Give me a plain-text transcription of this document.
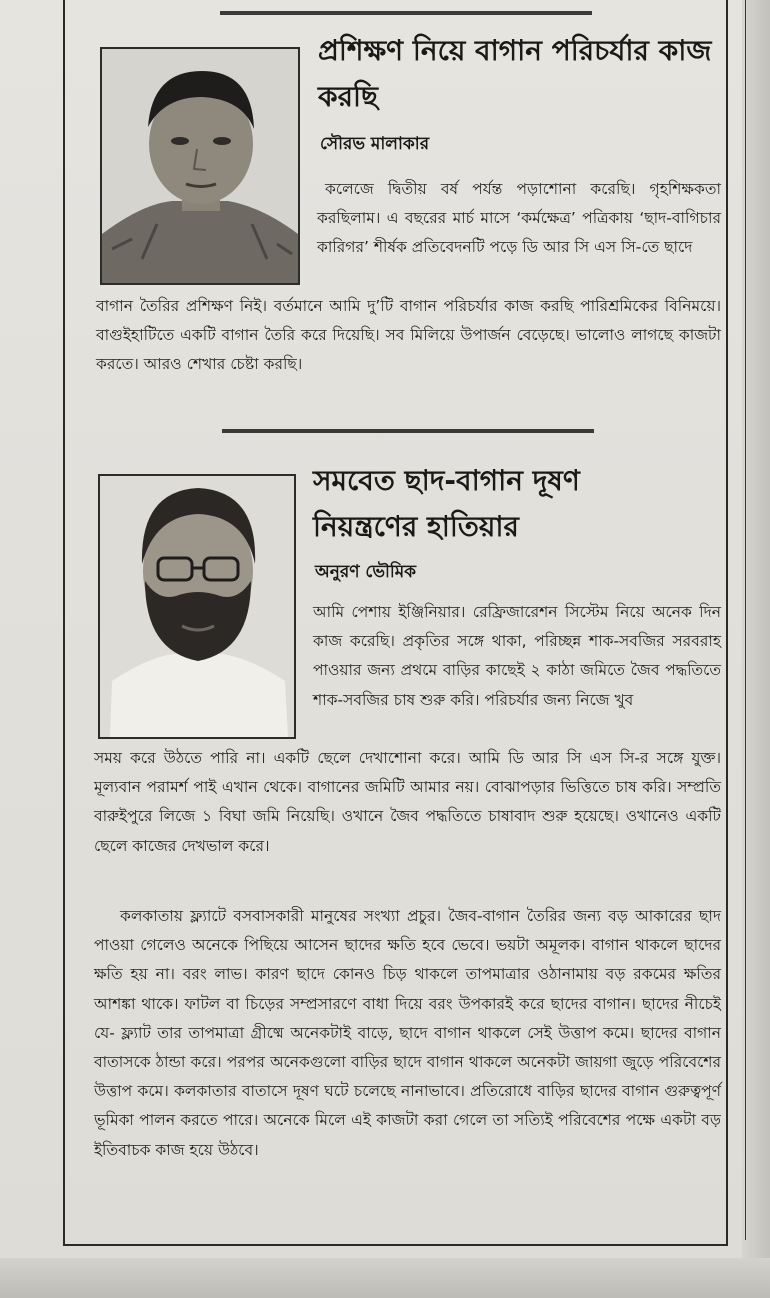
প্রশিক্ষণ নিয়ে বাগান পরিচর্যার কাজ করছি

সৌরভ মালাকার

কলেজে দ্বিতীয় বর্ষ পর্যন্ত পড়াশোনা করেছি। গৃহশিক্ষকতা করছিলাম। এ বছরের মার্চ মাসে ‘কর্মক্ষেত্র’ পত্রিকায় ‘ছাদ-বাগিচার কারিগর’ শীর্ষক প্রতিবেদনটি পড়ে ডি আর সি এস সি-তে ছাদে

বাগান তৈরির প্রশিক্ষণ নিই। বর্তমানে আমি দু’টি বাগান পরিচর্যার কাজ করছি পারিশ্রমিকের বিনিময়ে। বাগুইহাটিতে একটি বাগান তৈরি করে দিয়েছি। সব মিলিয়ে উপার্জন বেড়েছে। ভালোও লাগছে কাজটা করতে। আরও শেখার চেষ্টা করছি।

সমবেত ছাদ-বাগান দূষণ নিয়ন্ত্রণের হাতিয়ার

অনুরণ ভৌমিক

আমি পেশায় ইঞ্জিনিয়ার। রেফ্রিজারেশন সিস্টেম নিয়ে অনেক দিন কাজ করেছি। প্রকৃতির সঙ্গে থাকা, পরিচ্ছন্ন শাক-সবজির সরবরাহ পাওয়ার জন্য প্রথমে বাড়ির কাছেই ২ কাঠা জমিতে জৈব পদ্ধতিতে শাক-সবজির চাষ শুরু করি। পরিচর্যার জন্য নিজে খুব

সময় করে উঠতে পারি না। একটি ছেলে দেখাশোনা করে। আমি ডি আর সি এস সি-র সঙ্গে যুক্ত। মূল্যবান পরামর্শ পাই এখান থেকে। বাগানের জমিটি আমার নয়। বোঝাপড়ার ভিত্তিতে চাষ করি। সম্প্রতি বারুইপুরে লিজে ১ বিঘা জমি নিয়েছি। ওখানে জৈব পদ্ধতিতে চাষাবাদ শুরু হয়েছে। ওখানেও একটি ছেলে কাজের দেখভাল করে।

কলকাতায় ফ্ল্যাটে বসবাসকারী মানুষের সংখ্যা প্রচুর। জৈব-বাগান তৈরির জন্য বড় আকারের ছাদ পাওয়া গেলেও অনেকে পিছিয়ে আসেন ছাদের ক্ষতি হবে ভেবে। ভয়টা অমূলক। বাগান থাকলে ছাদের ক্ষতি হয় না। বরং লাভ। কারণ ছাদে কোনও চিড় থাকলে তাপমাত্রার ওঠানামায় বড় রকমের ক্ষতির আশঙ্কা থাকে। ফাটল বা চিড়ের সম্প্রসারণে বাধা দিয়ে বরং উপকারই করে ছাদের বাগান। ছাদের নীচেই যে- ফ্ল্যাট তার তাপমাত্রা গ্রীষ্মে অনেকটাই বাড়ে, ছাদে বাগান থাকলে সেই উত্তাপ কমে। ছাদের বাগান বাতাসকে ঠান্ডা করে। পরপর অনেকগুলো বাড়ির ছাদে বাগান থাকলে অনেকটা জায়গা জুড়ে পরিবেশের উত্তাপ কমে। কলকাতার বাতাসে দূষণ ঘটে চলেছে নানাভাবে। প্রতিরোধে বাড়ির ছাদের বাগান গুরুত্বপূর্ণ ভূমিকা পালন করতে পারে। অনেকে মিলে এই কাজটা করা গেলে তা সত্যিই পরিবেশের পক্ষে একটা বড় ইতিবাচক কাজ হয়ে উঠবে।
